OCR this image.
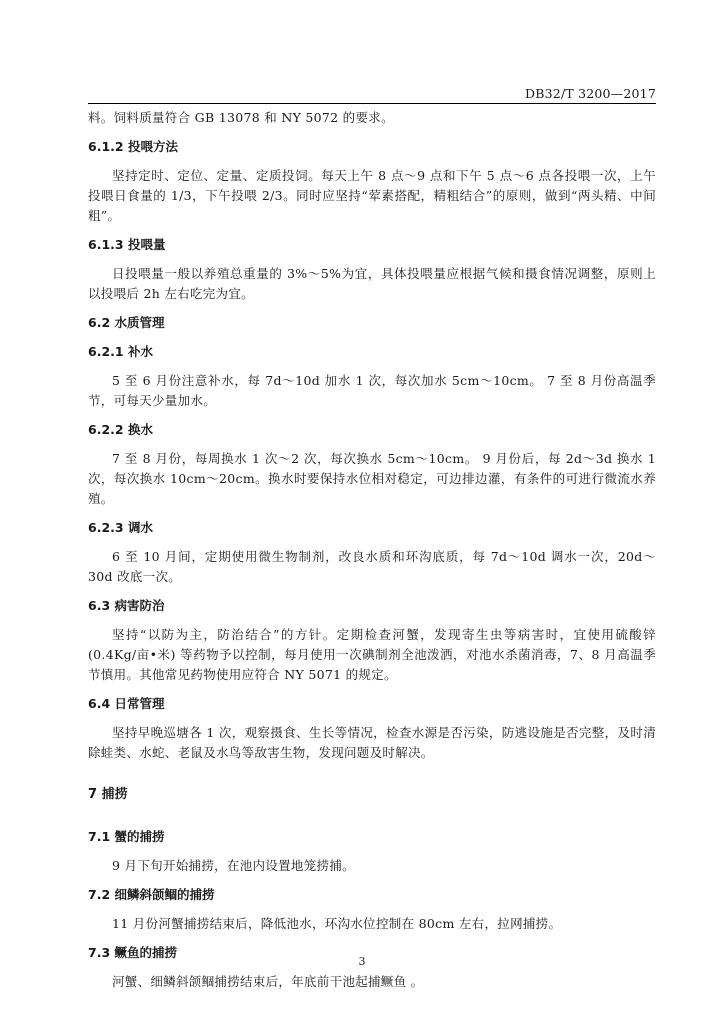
DB32/T 3200—2017

料。饲料质量符合 GB 13078 和 NY 5072 的要求。

6.1.2 投喂方法

坚持定时、定位、定量、定质投饲。每天上午 8 点～9 点和下午 5 点～6 点各投喂一次，上午投喂日食量的 1/3，下午投喂 2/3。同时应坚持“荤素搭配，精粗结合”的原则，做到“两头精、中间粗”。

6.1.3 投喂量

日投喂量一般以养殖总重量的 3%～5%为宜，具体投喂量应根据气候和摄食情况调整，原则上以投喂后 2h 左右吃完为宜。

6.2 水质管理
6.2.1 补水

5 至 6 月份注意补水，每 7d～10d 加水 1 次，每次加水 5cm～10cm。 7 至 8 月份高温季节，可每天少量加水。

6.2.2 换水

7 至 8 月份，每周换水 1 次～2 次，每次换水 5cm～10cm。 9 月份后，每 2d～3d 换水 1 次，每次换水 10cm～20cm。换水时要保持水位相对稳定，可边排边灌，有条件的可进行微流水养殖。

6.2.3 调水

6 至 10 月间，定期使用微生物制剂，改良水质和环沟底质，每 7d～10d 调水一次，20d～30d 改底一次。

6.3 病害防治

坚持“以防为主，防治结合”的方针。定期检查河蟹，发现寄生虫等病害时，宜使用硫酸锌(0.4Kg/亩•米) 等药物予以控制，每月使用一次碘制剂全池泼洒，对池水杀菌消毒，7、8 月高温季节慎用。其他常见药物使用应符合 NY 5071 的规定。

6.4 日常管理

坚持早晚巡塘各 1 次，观察摄食、生长等情况，检查水源是否污染，防逃设施是否完整，及时清除蛙类、水蛇、老鼠及水鸟等敌害生物，发现问题及时解决。

7 捕捞
7.1 蟹的捕捞

9 月下旬开始捕捞，在池内设置地笼捞捕。

7.2 细鳞斜颌鲴的捕捞

11 月份河蟹捕捞结束后，降低池水，环沟水位控制在 80cm 左右，拉网捕捞。

7.3 鳜鱼的捕捞

河蟹、细鳞斜颌鲴捕捞结束后，年底前干池起捕鳜鱼 。

3
